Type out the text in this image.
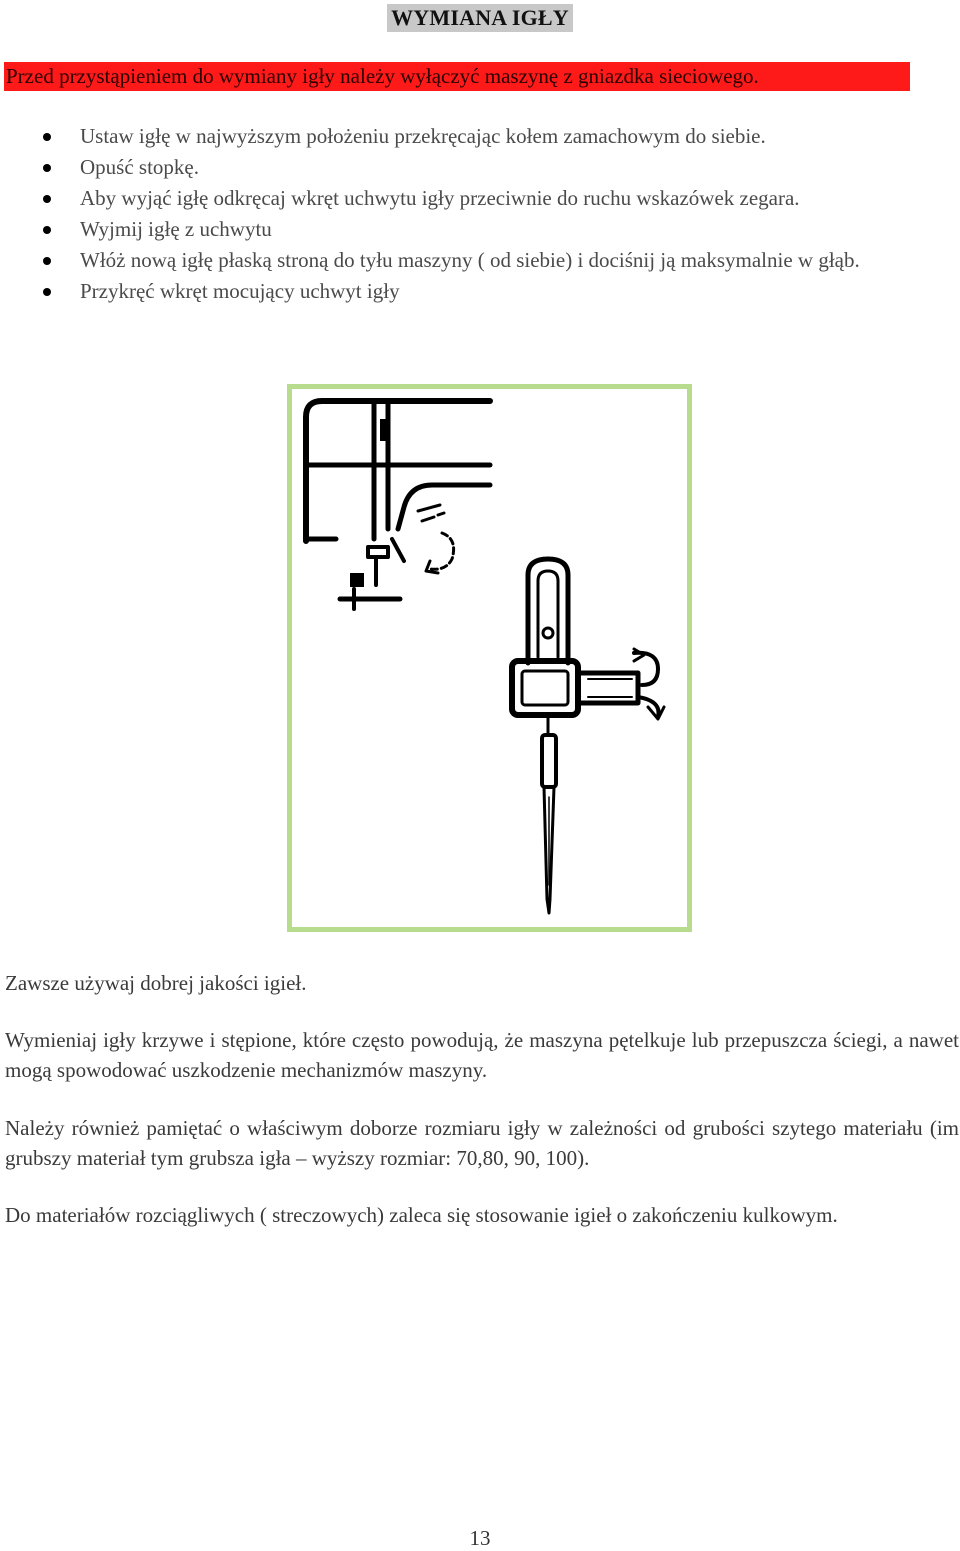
WYMIANA IGŁY
Przed przystąpieniem do wymiany igły należy wyłączyć maszynę z gniazdka sieciowego.
Ustaw igłę w najwyższym położeniu przekręcając kołem zamachowym do siebie.
Opuść stopkę.
Aby wyjąć igłę odkręcaj wkręt uchwytu igły przeciwnie do ruchu wskazówek zegara.
Wyjmij igłę z uchwytu
Włóż nową igłę płaską stroną do tyłu maszyny ( od siebie) i dociśnij ją maksymalnie w głąb.
Przykręć wkręt mocujący uchwyt igły

Zawsze używaj dobrej jakości igieł.

Wymieniaj igły krzywe i stępione, które często powodują, że maszyna pętelkuje lub przepuszcza ściegi, a nawet mogą spowodować uszkodzenie mechanizmów maszyny.

Należy również pamiętać o właściwym doborze rozmiaru igły w zależności od grubości szytego materiału (im grubszy materiał tym grubsza igła – wyższy rozmiar: 70,80, 90, 100).

Do materiałów rozciągliwych ( streczowych) zaleca się stosowanie igieł o zakończeniu kulkowym.

13
